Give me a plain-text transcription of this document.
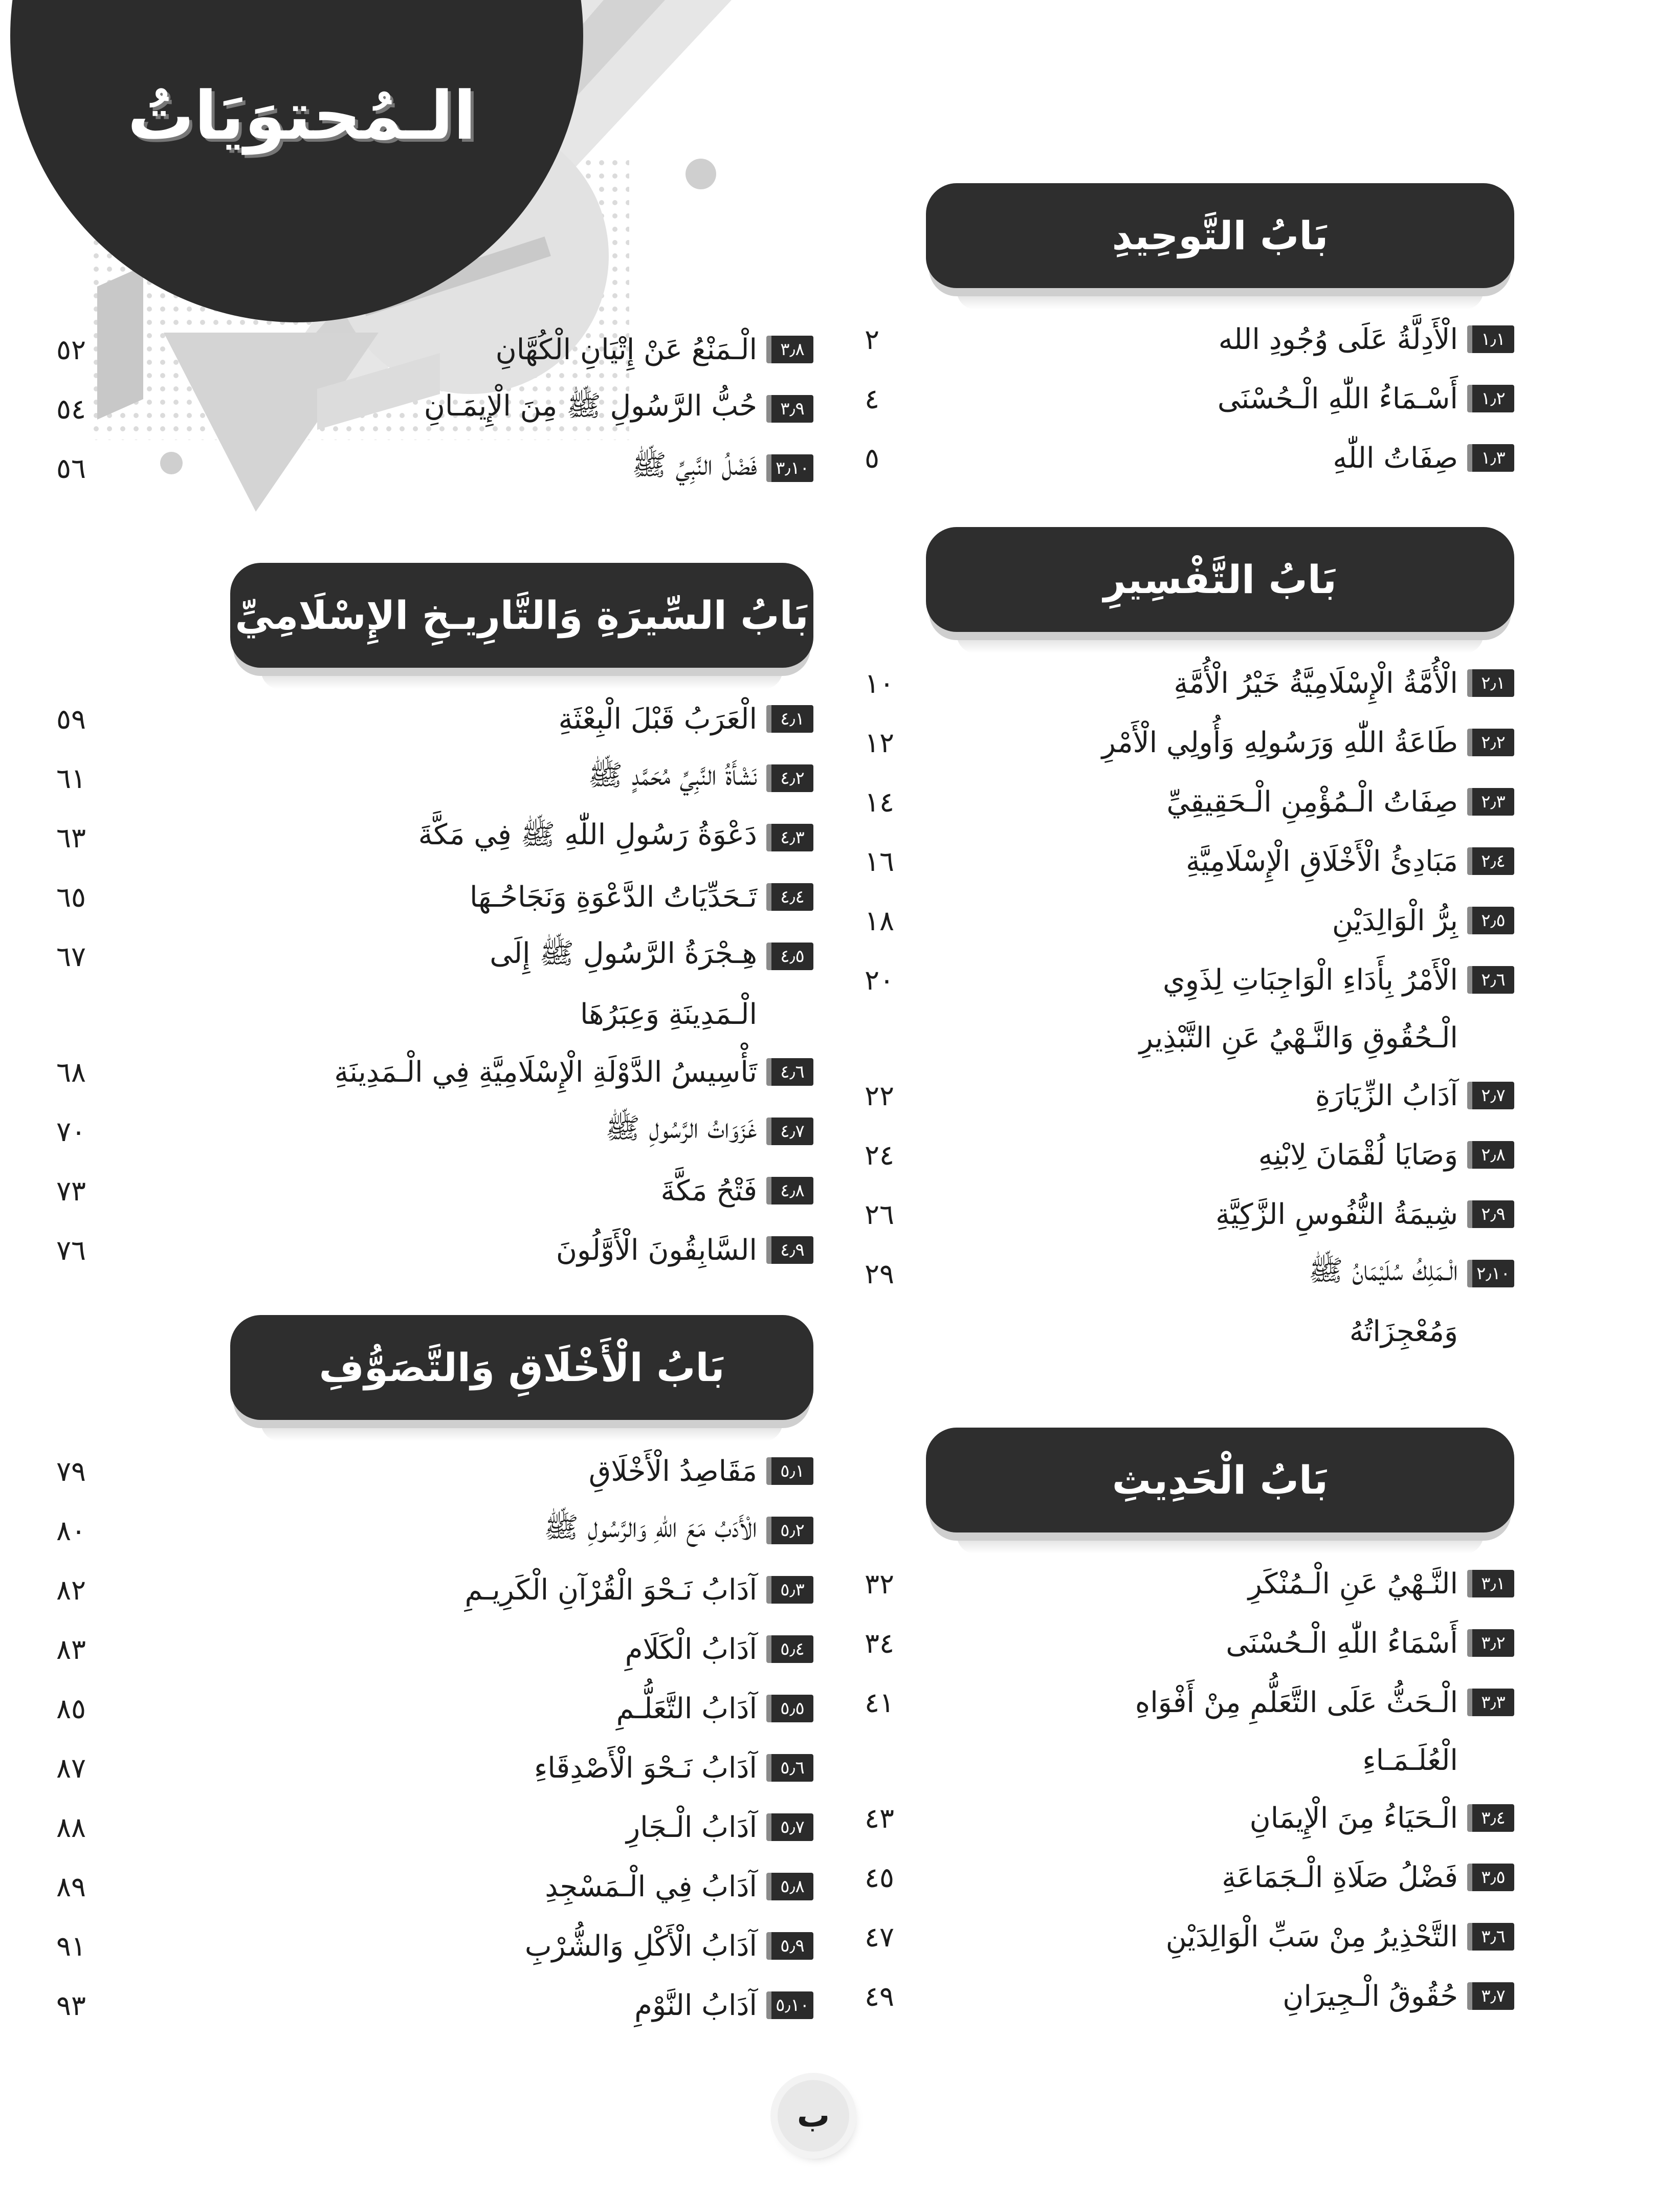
الـمُحتوَيَاتُ
بَابُ التَّوحِيدِ
١٫١
الْأَدِلَّةُ عَلَى وُجُودِ الله
٢
١٫٢
أَسْـمَاءُ اللّٰهِ الْـحُسْنَى
٤
١٫٣
صِفَاتُ اللّٰهِ
٥
بَابُ التَّفْسِيرِ
٢٫١
الْأُمَّةُ الْإِسْلَامِيَّةُ خَيْرُ الْأُمَّةِ
١٠
٢٫٢
طَاعَةُ اللّٰهِ وَرَسُولِهِ وَأُولِي الْأَمْرِ
١٢
٢٫٣
صِفَاتُ الْـمُؤْمِنِ الْـحَقِيقِيِّ
١٤
٢٫٤
مَبَادِئُ الْأَخْلَاقِ الْإِسْلَامِيَّةِ
١٦
٢٫٥
بِرُّ الْوَالِدَيْنِ
١٨
٢٫٦
الْأَمْرُ بِأَدَاءِ الْوَاجِبَاتِ لِذَوِي
٢٠
الْـحُقُوقِ وَالنَّـهْيُ عَنِ التَّبْذِيرِ
٢٫٧
آدَابُ الزِّيَارَةِ
٢٢
٢٫٨
وَصَايَا لُقْمَانَ لِابْنِهِ
٢٤
٢٫٩
شِيمَةُ النُّفُوسِ الزَّكِيَّةِ
٢٦
٢٫١٠
الْـمَلِكُ سُلَيْمَانُ ﷺ
٢٩
وَمُعْجِزَاتُهُ
بَابُ الْحَدِيثِ
٣٫١
النَّـهْيُ عَنِ الْـمُنْكَرِ
٣٢
٣٫٢
أَسْمَاءُ اللّٰهِ الْـحُسْنَى
٣٤
٣٫٣
الْـحَثُّ عَلَى التَّعَلُّمِ مِنْ أَفْوَاهِ
٤١
الْعُلَـمَـاءِ
٣٫٤
الْـحَيَاءُ مِنَ الْإِيمَانِ
٤٣
٣٫٥
فَضْلُ صَلَاةِ الْـجَمَاعَةِ
٤٥
٣٫٦
التَّحْذِيرُ مِنْ سَبِّ الْوَالِدَيْنِ
٤٧
٣٫٧
حُقُوقُ الْـجِيرَانِ
٤٩
٣٫٨
الْـمَنْعُ عَنْ إِتْيَانِ الْكُهَّانِ
٥٢
٣٫٩
حُبُّ الرَّسُولِ ﷺ مِنَ الْإِيمَـانِ
٥٤
٣٫١٠
فَضْلُ النَّبِيِّ ﷺ
٥٦
بَابُ السِّيرَةِ وَالتَّارِيـخِ الإِسْلَامِيِّ
٤٫١
الْعَرَبُ قَبْلَ الْبِعْثَةِ
٥٩
٤٫٢
نَشْأَةُ النَّبِيِّ مُحَمَّدٍ ﷺ
٦١
٤٫٣
دَعْوَةُ رَسُولِ اللّٰهِ ﷺ فِي مَكَّةَ
٦٣
٤٫٤
تَـحَدِّيَاتُ الدَّعْوَةِ وَنَجَاحُـهَا
٦٥
٤٫٥
هِـجْرَةُ الرَّسُولِ ﷺ إِلَى
٦٧
الْـمَدِينَةِ وَعِبَرُهَا
٤٫٦
تَأْسِيسُ الدَّوْلَةِ الْإِسْلَامِيَّةِ فِي الْـمَدِينَةِ
٦٨
٤٫٧
غَزَوَاتُ الرَّسُولِ ﷺ
٧٠
٤٫٨
فَتْحُ مَكَّةَ
٧٣
٤٫٩
السَّابِقُونَ الْأَوَّلُونَ
٧٦
بَابُ الْأَخْلَاقِ وَالتَّصَوُّفِ
٥٫١
مَقَاصِدُ الْأَخْلَاقِ
٧٩
٥٫٢
الْأَدَبُ مَعَ اللّٰهِ وَالرَّسُولِ ﷺ
٨٠
٥٫٣
آدَابُ نَـحْوَ الْقُرْآنِ الْكَرِيـمِ
٨٢
٥٫٤
آدَابُ الْكَلَامِ
٨٣
٥٫٥
آدَابُ التَّعَلُّـمِ
٨٥
٥٫٦
آدَابُ نَـحْوَ الْأَصْدِقَاءِ
٨٧
٥٫٧
آدَابُ الْـجَارِ
٨٨
٥٫٨
آدَابُ فِي الْـمَسْجِدِ
٨٩
٥٫٩
آدَابُ الْأَكْلِ وَالشُّرْبِ
٩١
٥٫١٠
آدَابُ النَّوْمِ
٩٣
ب
